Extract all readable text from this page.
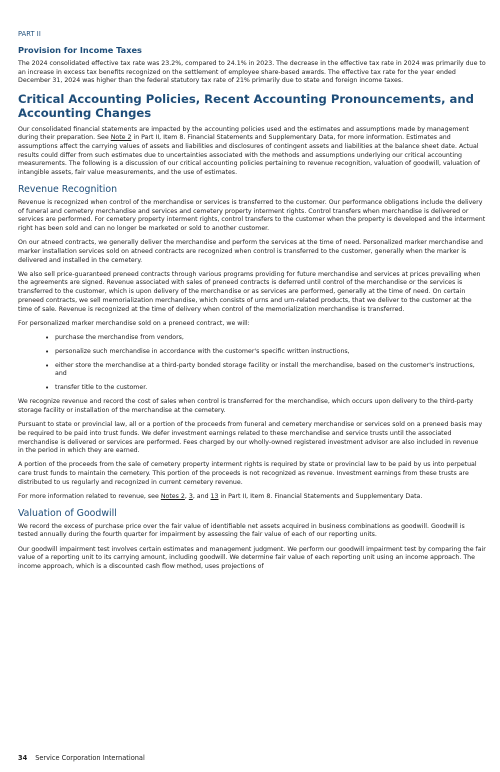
PART II
Provision for Income Taxes

The 2024 consolidated effective tax rate was 23.2%, compared to 24.1% in 2023. The decrease in the effective tax rate in 2024 was primarily due to an increase in excess tax benefits recognized on the settlement of employee share-based awards. The effective tax rate for the year ended December 31, 2024 was higher than the federal statutory tax rate of 21% primarily due to state and foreign income taxes.

Critical Accounting Policies, Recent Accounting Pronouncements, and Accounting Changes

Our consolidated financial statements are impacted by the accounting policies used and the estimates and assumptions made by management during their preparation. See Note 2 in Part II, Item 8. Financial Statements and Supplementary Data, for more information. Estimates and assumptions affect the carrying values of assets and liabilities and disclosures of contingent assets and liabilities at the balance sheet date. Actual results could differ from such estimates due to uncertainties associated with the methods and assumptions underlying our critical accounting measurements. The following is a discussion of our critical accounting policies pertaining to revenue recognition, valuation of goodwill, valuation of intangible assets, fair value measurements, and the use of estimates.

Revenue Recognition

Revenue is recognized when control of the merchandise or services is transferred to the customer. Our performance obligations include the delivery of funeral and cemetery merchandise and services and cemetery property interment rights. Control transfers when merchandise is delivered or services are performed. For cemetery property interment rights, control transfers to the customer when the property is developed and the interment right has been sold and can no longer be marketed or sold to another customer.

On our atneed contracts, we generally deliver the merchandise and perform the services at the time of need. Personalized marker merchandise and marker installation services sold on atneed contracts are recognized when control is transferred to the customer, generally when the marker is delivered and installed in the cemetery.

We also sell price-guaranteed preneed contracts through various programs providing for future merchandise and services at prices prevailing when the agreements are signed. Revenue associated with sales of preneed contracts is deferred until control of the merchandise or the services is transferred to the customer, which is upon delivery of the merchandise or as services are performed, generally at the time of need. On certain preneed contracts, we sell memorialization merchandise, which consists of urns and urn-related products, that we deliver to the customer at the time of sale. Revenue is recognized at the time of delivery when control of the memorialization merchandise is transferred.

For personalized marker merchandise sold on a preneed contract, we will:

• purchase the merchandise from vendors,
• personalize such merchandise in accordance with the customer's specific written instructions,
• either store the merchandise at a third-party bonded storage facility or install the merchandise, based on the customer's instructions, and
• transfer title to the customer.

We recognize revenue and record the cost of sales when control is transferred for the merchandise, which occurs upon delivery to the third-party storage facility or installation of the merchandise at the cemetery.

Pursuant to state or provincial law, all or a portion of the proceeds from funeral and cemetery merchandise or services sold on a preneed basis may be required to be paid into trust funds. We defer investment earnings related to these merchandise and service trusts until the associated merchandise is delivered or services are performed. Fees charged by our wholly-owned registered investment advisor are also included in revenue in the period in which they are earned.

A portion of the proceeds from the sale of cemetery property interment rights is required by state or provincial law to be paid by us into perpetual care trust funds to maintain the cemetery. This portion of the proceeds is not recognized as revenue. Investment earnings from these trusts are distributed to us regularly and recognized in current cemetery revenue.

For more information related to revenue, see Notes 2, 3, and 13 in Part II, Item 8. Financial Statements and Supplementary Data.

Valuation of Goodwill

We record the excess of purchase price over the fair value of identifiable net assets acquired in business combinations as goodwill. Goodwill is tested annually during the fourth quarter for impairment by assessing the fair value of each of our reporting units.

Our goodwill impairment test involves certain estimates and management judgment. We perform our goodwill impairment test by comparing the fair value of a reporting unit to its carrying amount, including goodwill. We determine fair value of each reporting unit using an income approach. The income approach, which is a discounted cash flow method, uses projections of

34 Service Corporation International
